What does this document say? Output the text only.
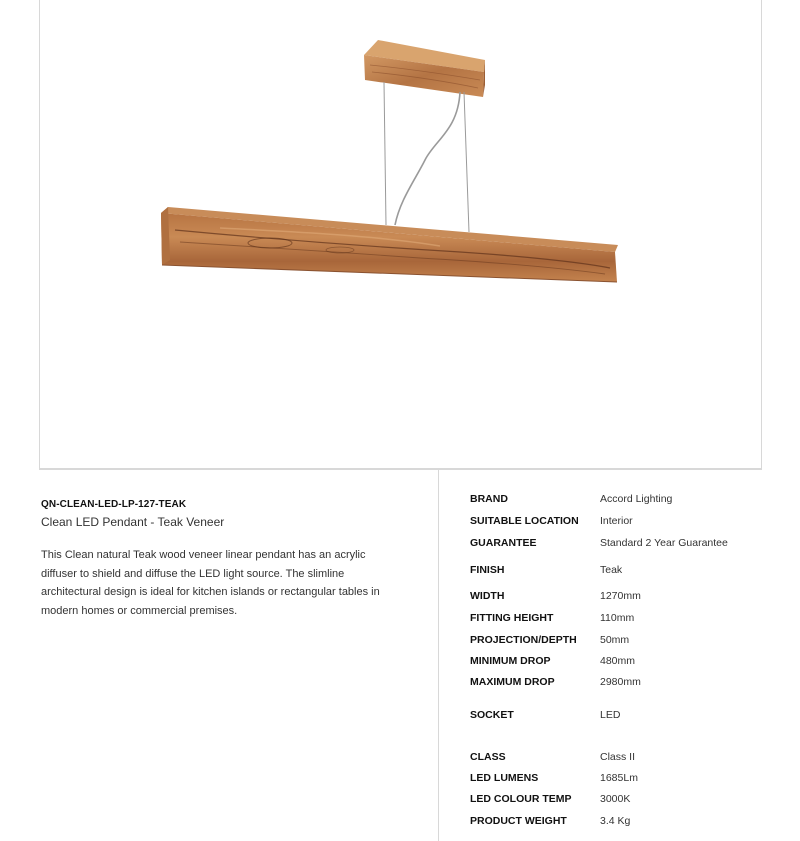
QN-CLEAN-LED-LP-127-TEAK
Clean LED Pendant - Teak Veneer
This Clean natural Teak wood veneer linear pendant has an acrylic diffuser to shield and diffuse the LED light source. The slimline architectural design is ideal for kitchen islands or rectangular tables in modern homes or commercial premises.
BRAND	Accord Lighting
SUITABLE LOCATION Interior
GUARANTEE	Standard 2 Year Guarantee
FINISH	Teak
WIDTH	1270mm
FITTING HEIGHT	110mm
PROJECTION/DEPTH 50mm
MINIMUM DROP	480mm
MAXIMUM DROP	2980mm
SOCKET	LED
CLASS	Class II
LED LUMENS	1685Lm
LED COLOUR TEMP	3000K
PRODUCT WEIGHT	3.4 Kg
